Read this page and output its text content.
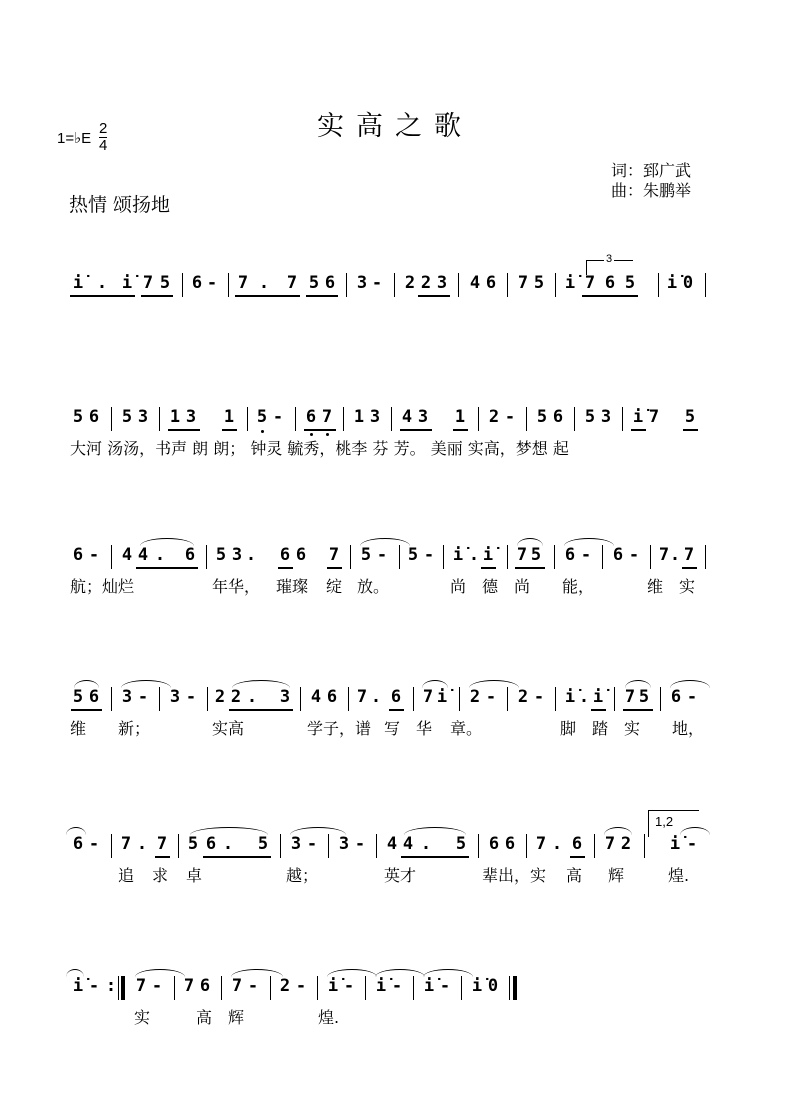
1=♭E
2
4
实高之歌
词：郅广武
曲：朱鹏举
热情 颂扬地
i̇ . i̇ 7 5 6 - 7 . 7 5 6 3 - 2 2 3 4 6 7 5 i̇ 7 6 5
3
i̇ 0
5 6 5 3 1 3 1 5 - 6 7 1 3 4 3 1 2 - 5 6 5 3 i̇ 7 5
大河 汤汤，书声 朗 朗； 钟灵 毓秀，桃李 芬 芳。 美丽 实高，梦想 起
6 - 4 4 . 6 5 3 . 6 6 7 5 - 5 - i̇ . i̇ 7 5 6 - 6 - 7 . 7
航；灿烂	年华， 璀璨 绽 放。	尚 德 尚 能，	维 实
5 6 3 - 3 - 2 2 . 3 4 6 7 . 6 7 i̇ 2 - 2 - i̇ . i̇ 7 5 6 -
维 新；	实高	学子，谱 写 华 章。	脚 踏 实 地，
6 - 7 . 7 5 6 . 5 3 - 3 - 4 4 . 5 6 6 7 . 6 7 2
1,2
i̇ -
追 求 卓	越；	英才	辈出，实 高 辉	煌.
i̇ - : 7 - 7 6 7 - 2 - i̇ - i̇ - i̇ - i̇ 0
实	高 辉	煌.
